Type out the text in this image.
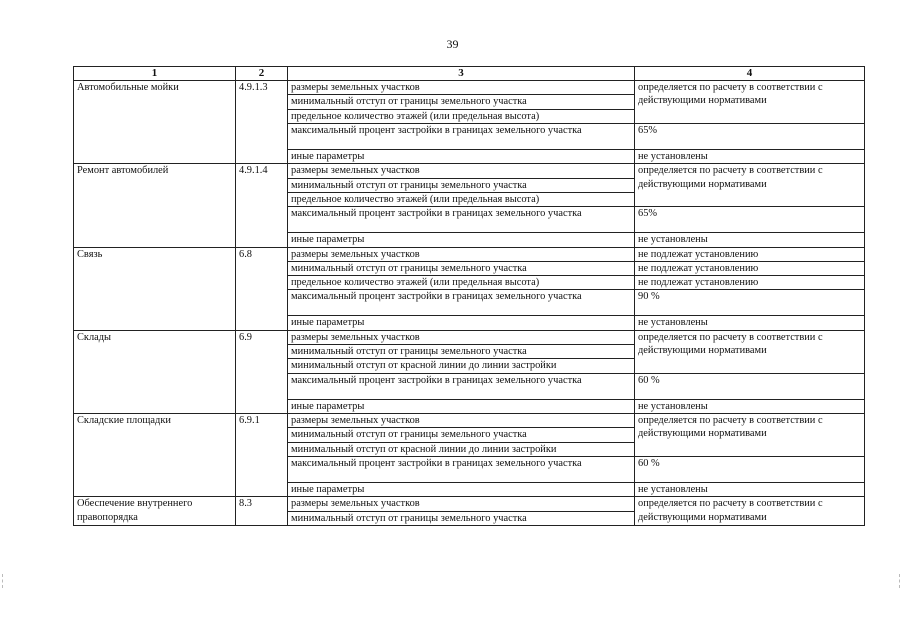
39
1	2	3	4
Автомобильные мойки	4.9.1.3	размеры земельных участков	определяется по расчету в соответствии с действующими нормативами
		минимальный отступ от границы земельного участка	
		предельное количество этажей (или предельная высота)	
		максимальный процент застройки в границах земельного участка	65%
		иные параметры	не установлены
Ремонт автомобилей	4.9.1.4	размеры земельных участков	определяется по расчету в соответствии с действующими нормативами
		минимальный отступ от границы земельного участка	
		предельное количество этажей (или предельная высота)	
		максимальный процент застройки в границах земельного участка	65%
		иные параметры	не установлены
Связь	6.8	размеры земельных участков	не подлежат установлению
		минимальный отступ от границы земельного участка	не подлежат установлению
		предельное количество этажей (или предельная высота)	не подлежат установлению
		максимальный процент застройки в границах земельного участка	90 %
		иные параметры	не установлены
Склады	6.9	размеры земельных участков	определяется по расчету в соответствии с действующими нормативами
		минимальный отступ от границы земельного участка	
		минимальный отступ от красной линии до линии застройки	
		максимальный процент застройки в границах земельного участка	60 %
		иные параметры	не установлены
Складские площадки	6.9.1	размеры земельных участков	определяется по расчету в соответствии с действующими нормативами
		минимальный отступ от границы земельного участка	
		минимальный отступ от красной линии до линии застройки	
		максимальный процент застройки в границах земельного участка	60 %
		иные параметры	не установлены
Обеспечение внутреннего правопорядка	8.3	размеры земельных участков	определяется по расчету в соответствии с действующими нормативами
		минимальный отступ от границы земельного участка	
